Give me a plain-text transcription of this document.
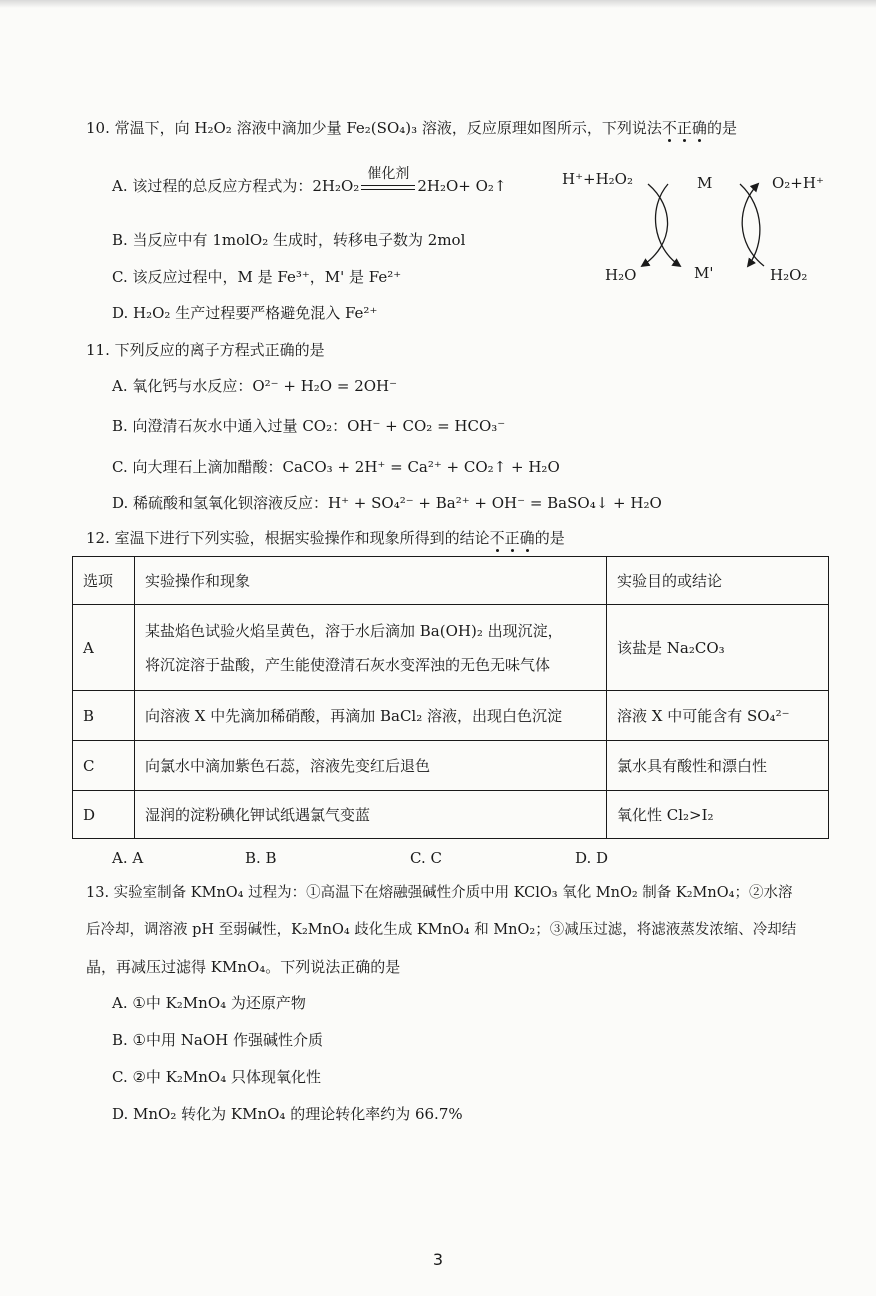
10. 常温下，向 H₂O₂ 溶液中滴加少量 Fe₂(SO₄)₃ 溶液，反应原理如图所示，下列说法不正确的是
A. 该过程的总反应方程式为：2H₂O₂
催化剂
2H₂O+ O₂↑
B. 当反应中有 1molO₂ 生成时，转移电子数为 2mol
C. 该反应过程中，M 是 Fe³⁺，M' 是 Fe²⁺
D. H₂O₂ 生产过程要严格避免混入 Fe²⁺
H⁺+H₂O₂	M	O₂+H⁺
H₂O	M'	H₂O₂
11. 下列反应的离子方程式正确的是
A. 氧化钙与水反应：O²⁻ + H₂O = 2OH⁻
B. 向澄清石灰水中通入过量 CO₂：OH⁻ + CO₂ = HCO₃⁻
C. 向大理石上滴加醋酸：CaCO₃ + 2H⁺ = Ca²⁺ + CO₂↑ + H₂O
D. 稀硫酸和氢氧化钡溶液反应：H⁺ + SO₄²⁻ + Ba²⁺ + OH⁻ = BaSO₄↓ + H₂O
12. 室温下进行下列实验，根据实验操作和现象所得到的结论不正确的是
选项	实验操作和现象	实验目的或结论
A	某盐焰色试验火焰呈黄色，溶于水后滴加 Ba(OH)₂ 出现沉淀，
将沉淀溶于盐酸，产生能使澄清石灰水变浑浊的无色无味气体	该盐是 Na₂CO₃
B	向溶液 X 中先滴加稀硝酸，再滴加 BaCl₂ 溶液，出现白色沉淀	溶液 X 中可能含有 SO₄²⁻
C	向氯水中滴加紫色石蕊，溶液先变红后退色	氯水具有酸性和漂白性
D	湿润的淀粉碘化钾试纸遇氯气变蓝	氧化性 Cl₂>I₂
A. A	B. B	C. C	D. D
13. 实验室制备 KMnO₄ 过程为：①高温下在熔融强碱性介质中用 KClO₃ 氧化 MnO₂ 制备 K₂MnO₄；②水溶
后冷却，调溶液 pH 至弱碱性，K₂MnO₄ 歧化生成 KMnO₄ 和 MnO₂；③减压过滤，将滤液蒸发浓缩、冷却结
晶，再减压过滤得 KMnO₄。下列说法正确的是
A. ①中 K₂MnO₄ 为还原产物
B. ①中用 NaOH 作强碱性介质
C. ②中 K₂MnO₄ 只体现氧化性
D. MnO₂ 转化为 KMnO₄ 的理论转化率约为 66.7%
3
